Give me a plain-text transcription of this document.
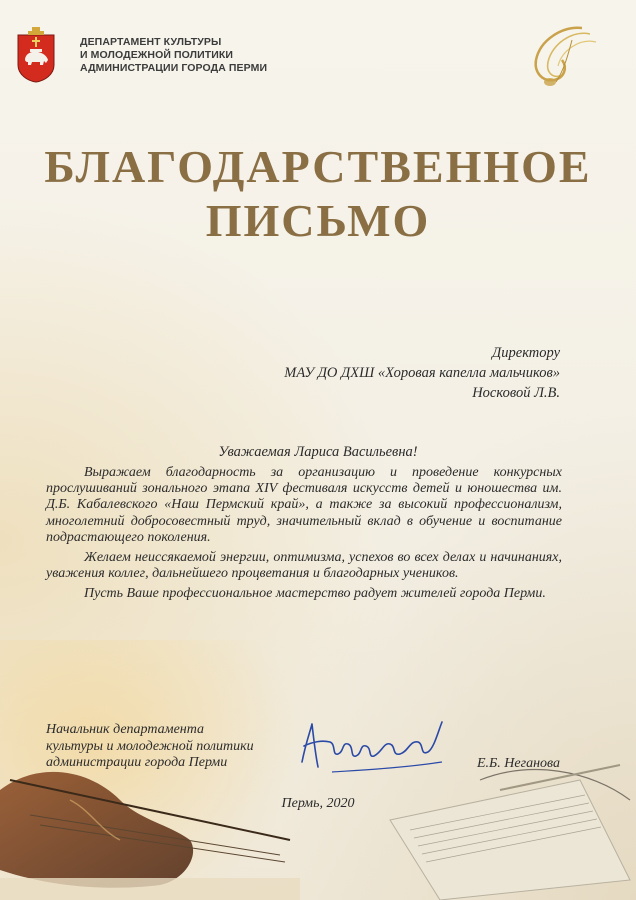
ДЕПАРТАМЕНТ КУЛЬТУРЫ
И МОЛОДЕЖНОЙ ПОЛИТИКИ
АДМИНИСТРАЦИИ ГОРОДА ПЕРМИ
БЛАГОДАРСТВЕННОЕ
ПИСЬМО
Директору
МАУ ДО ДХШ «Хоровая капелла мальчиков»
Носковой Л.В.
Уважаемая Лариса Васильевна!

Выражаем благодарность за организацию и проведение конкурсных прослушиваний зонального этапа XIV фестиваля искусств детей и юношества им. Д.Б. Кабалевского «Наш Пермский край», а также за высокий профессионализм, многолетний добросовестный труд, значительный вклад в обучение и воспитание подрастающего поколения.

Желаем неиссякаемой энергии, оптимизма, успехов во всех делах и начинаниях, уважения коллег, дальнейшего процветания и благодарных учеников.

Пусть Ваше профессиональное мастерство радует жителей города Перми.

Начальник департамента
культуры и молодежной политики
администрации города Перми	Е.Б. Неганова
Пермь, 2020
